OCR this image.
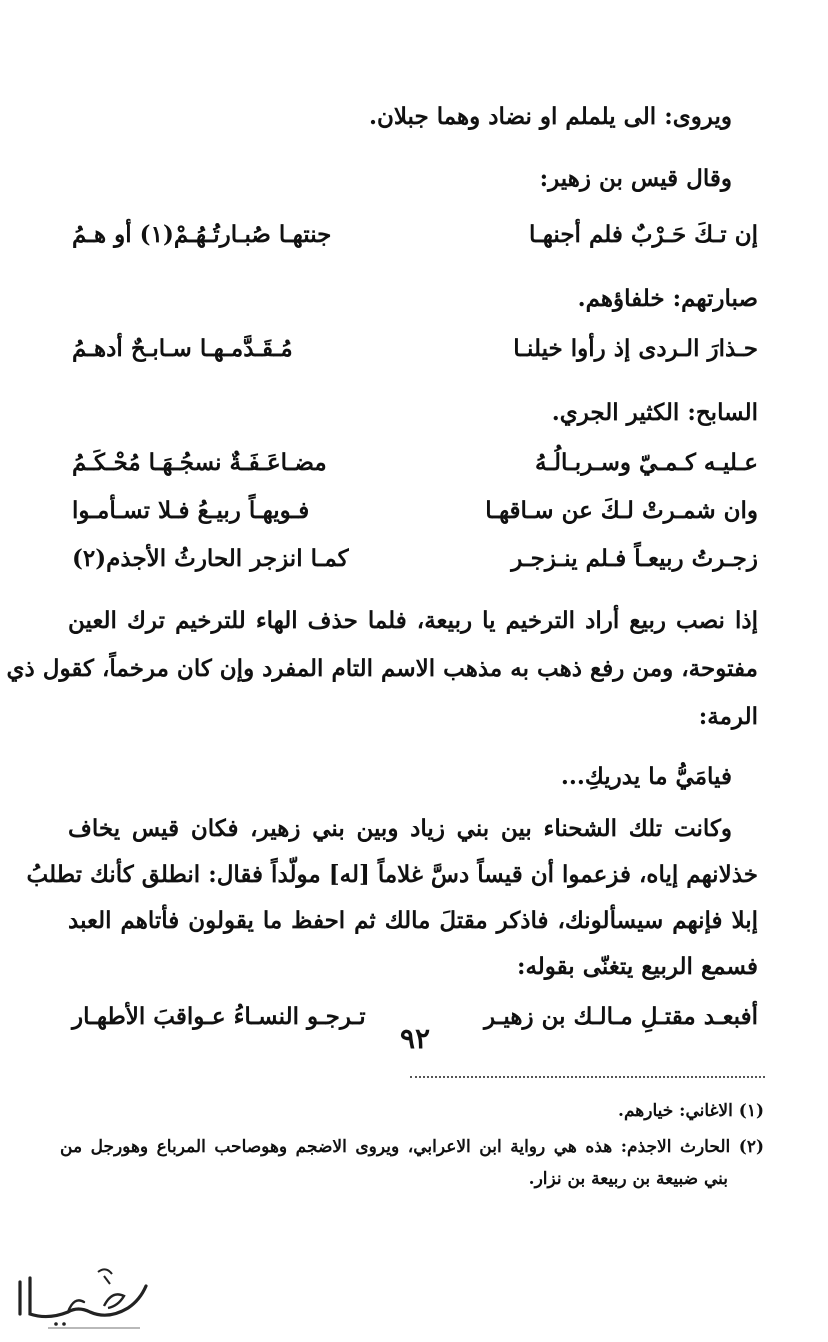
ويروى: الى يلملم او نضاد وهما جبلان.
وقال قيس بن زهير:
إن تـكَ حَـرْبٌ فلم أجنهـا
جنتهـا صُبـارتُـهُـمْ(١) أو هـمُ
صبارتهم: خلفاؤهم.
حـذارَ الـردى إذ رأوا خيلنـا
مُـقَـدَّمـهـا سـابـحٌ أدهـمُ
السابح: الكثير الجري.
عـليـه كـمـيّ وسـربـالُـهُ
مضـاعَـفَـةٌ نسجُـهَـا مُحْـكَـمُ
وان شمـرتْ لـكَ عن سـاقهـا
فـويهـاً ربيـعُ فـلا تسـأمـوا
زجـرتُ ربيعـاً فـلم ينـزجـر
كمـا انزجر الحارثُ الأجذم(٢)
إذا نصب ربيع أراد الترخيم يا ربيعة، فلما حذف الهاء للترخيم ترك العين
مفتوحة، ومن رفع ذهب به مذهب الاسم التام المفرد وإن كان مرخماً، كقول ذي
الرمة:
فيامَيُّ ما يدريكِ...
وكانت تلك الشحناء بين بني زياد وبين بني زهير، فكان قيس يخاف
خذلانهم إياه، فزعموا أن قيساً دسَّ غلاماً [له] مولّداً فقال: انطلق كأنك تطلبُ
إبلا فإنهم سيسألونك، فاذكر مقتلَ مالك ثم احفظ ما يقولون فأتاهم العبد
فسمع الربيع يتغنّى بقوله:
أفبعـد مقتـلِ مـالـك بن زهيـر
تـرجـو النسـاءُ عـواقبَ الأطهـار
(١) الاغاني: خيارهم.
(٢) الحارث الاجذم: هذه هي رواية ابن الاعرابي، ويروى الاضجم وهوصاحب المرباع وهورجل من
بني ضبيعة بن ربيعة بن نزار.
٩٢
